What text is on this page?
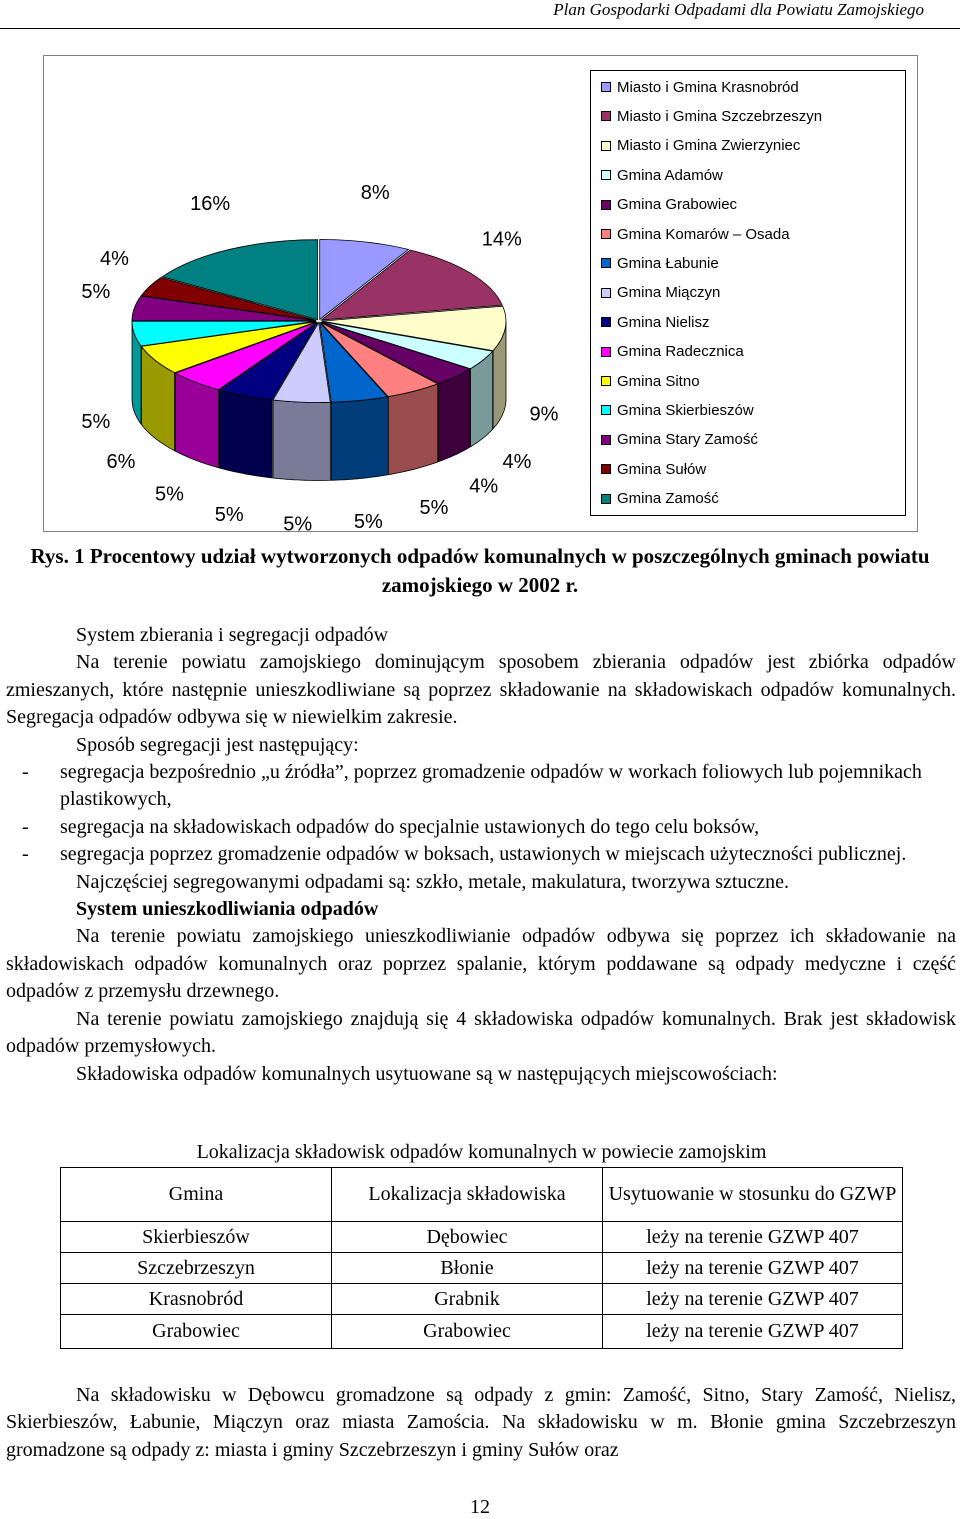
Plan Gospodarki Odpadami dla Powiatu Zamojskiego
8%
14%
9%
4%
4%
5%
5%
5%
5%
5%
6%
5%
5%
4%
16%
Miasto i Gmina Krasnobród
Miasto i Gmina Szczebrzeszyn
Miasto i Gmina Zwierzyniec
Gmina Adamów
Gmina Grabowiec
Gmina Komarów – Osada
Gmina Łabunie
Gmina Miączyn
Gmina Nielisz
Gmina Radecznica
Gmina Sitno
Gmina Skierbieszów
Gmina Stary Zamość
Gmina Sułów
Gmina Zamość
Rys. 1 Procentowy udział wytworzonych odpadów komunalnych w poszczególnych gminach powiatu zamojskiego w 2002 r.
System zbierania i segregacji odpadów
Na terenie powiatu zamojskiego dominującym sposobem zbierania odpadów jest zbiórka odpadów zmieszanych, które następnie unieszkodliwiane są poprzez składowanie na składowiskach odpadów komunalnych. Segregacja odpadów odbywa się w niewielkim zakresie.
Sposób segregacji jest następujący:
- segregacja bezpośrednio „u źródła”, poprzez gromadzenie odpadów w workach foliowych lub pojemnikach plastikowych,
- segregacja na składowiskach odpadów do specjalnie ustawionych do tego celu boksów,
- segregacja poprzez gromadzenie odpadów w boksach, ustawionych w miejscach użyteczności publicznej.
Najczęściej segregowanymi odpadami są: szkło, metale, makulatura, tworzywa sztuczne.
System unieszkodliwiania odpadów
Na terenie powiatu zamojskiego unieszkodliwianie odpadów odbywa się poprzez ich składowanie na składowiskach odpadów komunalnych oraz poprzez spalanie, którym poddawane są odpady medyczne i część odpadów z przemysłu drzewnego.
Na terenie powiatu zamojskiego znajdują się 4 składowiska odpadów komunalnych. Brak jest składowisk odpadów przemysłowych.
Składowiska odpadów komunalnych usytuowane są w następujących miejscowościach:
Lokalizacja składowisk odpadów komunalnych w powiecie zamojskim
Gmina	Lokalizacja składowiska	Usytuowanie w stosunku do GZWP
Skierbieszów	Dębowiec	leży na terenie GZWP 407
Szczebrzeszyn	Błonie	leży na terenie GZWP 407
Krasnobród	Grabnik	leży na terenie GZWP 407
Grabowiec	Grabowiec	leży na terenie GZWP 407
Na składowisku w Dębowcu gromadzone są odpady z gmin: Zamość, Sitno, Stary Zamość, Nielisz, Skierbieszów, Łabunie, Miączyn oraz miasta Zamościa. Na składowisku w m. Błonie gmina Szczebrzeszyn gromadzone są odpady z: miasta i gminy Szczebrzeszyn i gminy Sułów oraz
12
